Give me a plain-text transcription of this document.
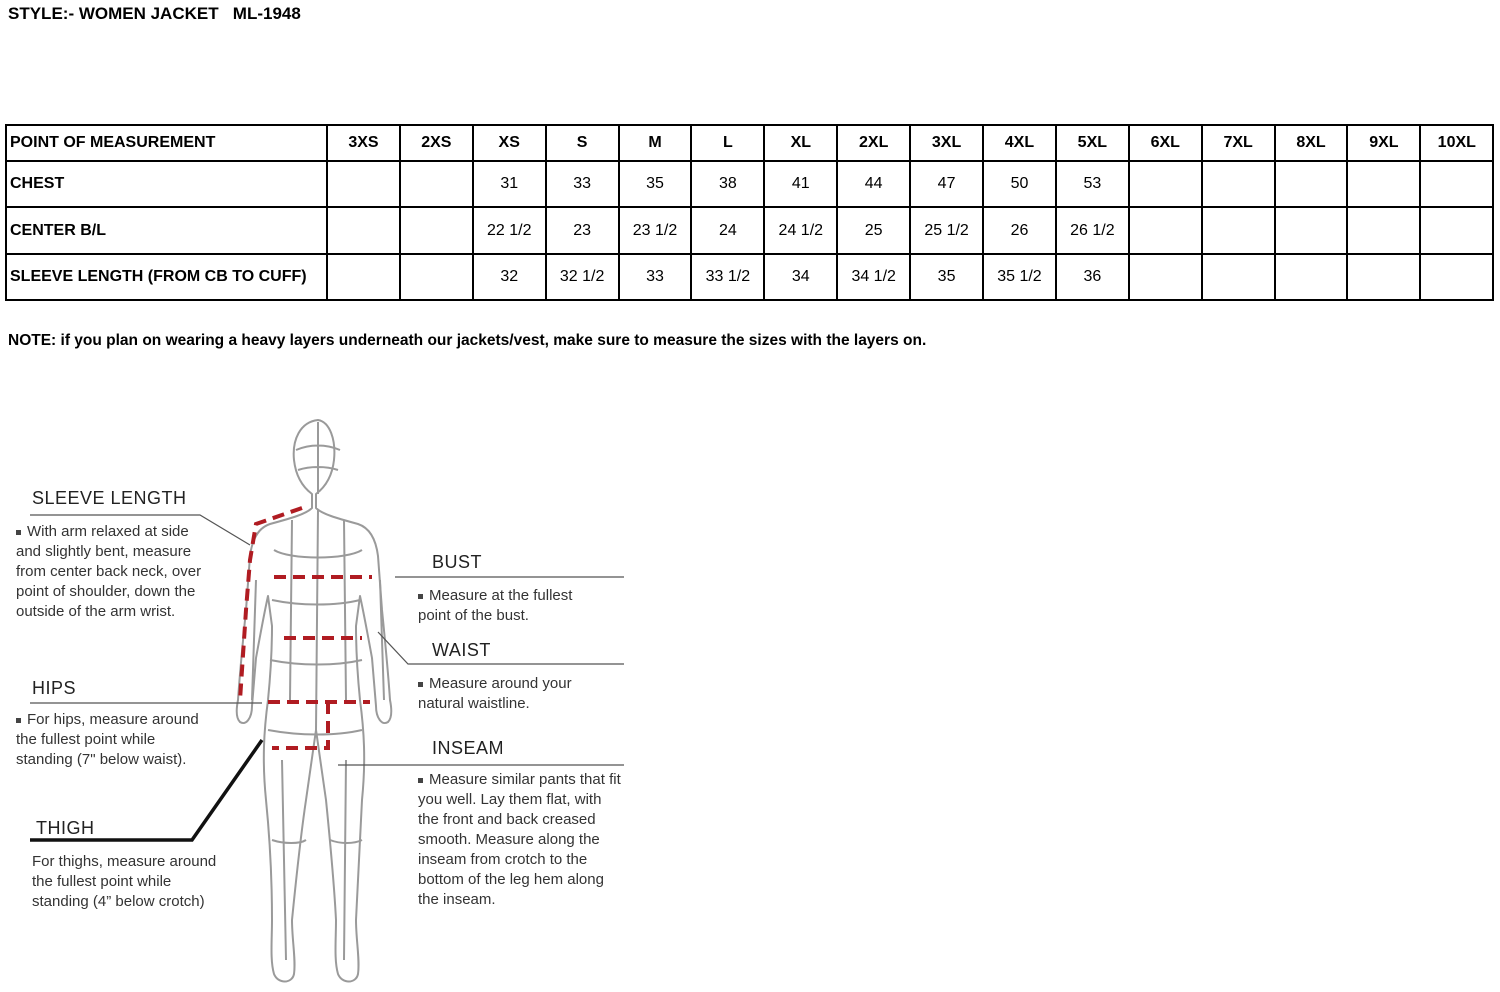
STYLE:- WOMEN JACKET   ML-1948
POINT OF MEASUREMENT	3XS	2XS	XS	S	M	L	XL	2XL	3XL	4XL	5XL	6XL	7XL	8XL	9XL	10XL
CHEST			31	33	35	38	41	44	47	50	53					
CENTER B/L			22 1/2	23	23 1/2	24	24 1/2	25	25 1/2	26	26 1/2					
SLEEVE LENGTH (FROM CB TO CUFF)			32	32 1/2	33	33 1/2	34	34 1/2	35	35 1/2	36					
NOTE: if you plan on wearing a heavy layers underneath our jackets/vest, make sure to measure the sizes with the layers on.
SLEEVE LENGTH
With arm relaxed at side and slightly bent, measure from center back neck, over point of shoulder, down the outside of the arm wrist.
HIPS
For hips, measure around the fullest point while standing (7" below waist).
THIGH
For thighs, measure around the fullest point while standing (4” below crotch)
BUST
Measure at the fullest point of the bust.
WAIST
Measure around your natural waistline.
INSEAM
Measure similar pants that fit you well. Lay them flat, with the front and back creased smooth. Measure along the inseam from crotch to the bottom of the leg hem along the inseam.
